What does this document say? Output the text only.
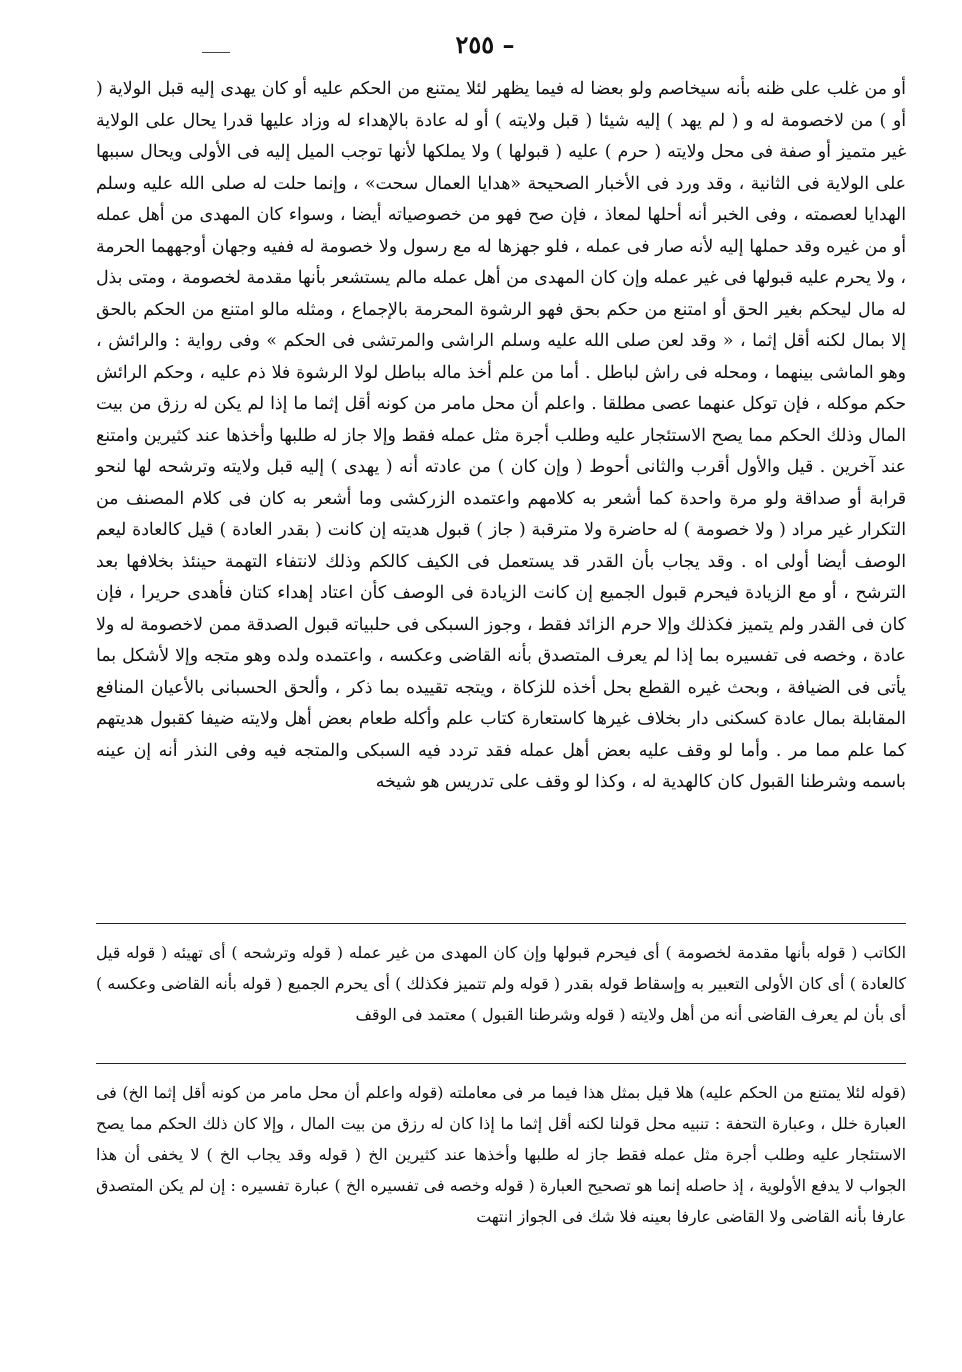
– ٢٥٥

أو من غلب على ظنه بأنه سيخاصم ولو بعضا له فيما يظهر لئلا يمتنع من الحكم عليه أو كان يهدى إليه قبل الولاية ( أو ) من لاخصومة له و ( لم يهد ) إليه شيئا ( قبل ولايته ) أو له عادة بالإهداء له وزاد عليها قدرا يحال على الولاية غير متميز أو صفة فى محل ولايته ( حرم ) عليه ( قبولها ) ولا يملكها لأنها توجب الميل إليه فى الأولى ويحال سببها على الولاية فى الثانية ، وقد ورد فى الأخبار الصحيحة «هدايا العمال سحت» ، وإنما حلت له صلى الله عليه وسلم الهدايا لعصمته ، وفى الخبر أنه أحلها لمعاذ ، فإن صح فهو من خصوصياته أيضا ، وسواء كان المهدى من أهل عمله أو من غيره وقد حملها إليه لأنه صار فى عمله ، فلو جهزها له مع رسول ولا خصومة له ففيه وجهان أوجههما الحرمة ، ولا يحرم عليه قبولها فى غير عمله وإن كان المهدى من أهل عمله مالم يستشعر بأنها مقدمة لخصومة ، ومتى بذل له مال ليحكم بغير الحق أو امتنع من حكم بحق فهو الرشوة المحرمة بالإجماع ، ومثله مالو امتنع من الحكم بالحق إلا بمال لكنه أقل إثما ، « وقد لعن صلى الله عليه وسلم الراشى والمرتشى فى الحكم » وفى رواية : والرائش ، وهو الماشى بينهما ، ومحله فى راش لباطل . أما من علم أخذ ماله بباطل لولا الرشوة فلا ذم عليه ، وحكم الرائش حكم موكله ، فإن توكل عنهما عصى مطلقا . واعلم أن محل مامر من كونه أقل إثما ما إذا لم يكن له رزق من بيت المال وذلك الحكم مما يصح الاستئجار عليه وطلب أجرة مثل عمله فقط وإلا جاز له طلبها وأخذها عند كثيرين وامتنع عند آخرين . قيل والأول أقرب والثانى أحوط ( وإن كان ) من عادته أنه ( يهدى ) إليه قبل ولايته وترشحه لها لنحو قرابة أو صداقة ولو مرة واحدة كما أشعر به كلامهم واعتمده الزركشى وما أشعر به كان فى كلام المصنف من التكرار غير مراد ( ولا خصومة ) له حاضرة ولا مترقبة ( جاز ) قبول هديته إن كانت ( بقدر العادة ) قيل كالعادة ليعم الوصف أيضا أولى اه . وقد يجاب بأن القدر قد يستعمل فى الكيف كالكم وذلك لانتفاء التهمة حينئذ بخلافها بعد الترشح ، أو مع الزيادة فيحرم قبول الجميع إن كانت الزيادة فى الوصف كأن اعتاد إهداء كتان فأهدى حريرا ، فإن كان فى القدر ولم يتميز فكذلك وإلا حرم الزائد فقط ، وجوز السبكى فى حلبياته قبول الصدقة ممن لاخصومة له ولا عادة ، وخصه فى تفسيره بما إذا لم يعرف المتصدق بأنه القاضى وعكسه ، واعتمده ولده وهو متجه وإلا لأشكل بما يأتى فى الضيافة ، وبحث غيره القطع بحل أخذه للزكاة ، ويتجه تقييده بما ذكر ، وألحق الحسبانى بالأعيان المنافع المقابلة بمال عادة كسكنى دار بخلاف غيرها كاستعارة كتاب علم وأكله طعام بعض أهل ولايته ضيفا كقبول هديتهم كما علم مما مر . وأما لو وقف عليه بعض أهل عمله فقد تردد فيه السبكى والمتجه فيه وفى النذر أنه إن عينه باسمه وشرطنا القبول كان كالهدية له ، وكذا لو وقف على تدريس هو شيخه

الكاتب ( قوله بأنها مقدمة لخصومة ) أى فيحرم قبولها وإن كان المهدى من غير عمله ( قوله وترشحه ) أى تهيئه ( قوله قيل كالعادة ) أى كان الأولى التعبير به وإسقاط قوله بقدر ( قوله ولم تتميز فكذلك ) أى يحرم الجميع ( قوله بأنه القاضى وعكسه ) أى بأن لم يعرف القاضى أنه من أهل ولايته ( قوله وشرطنا القبول ) معتمد فى الوقف

(قوله لئلا يمتنع من الحكم عليه) هلا قيل بمثل هذا فيما مر فى معاملته (قوله واعلم أن محل مامر من كونه أقل إثما الخ) فى العبارة خلل ، وعبارة التحفة : تنبيه محل قولنا لكنه أقل إثما ما إذا كان له رزق من بيت المال ، وإلا كان ذلك الحكم مما يصح الاستئجار عليه وطلب أجرة مثل عمله فقط جاز له طلبها وأخذها عند كثيرين الخ ( قوله وقد يجاب الخ ) لا يخفى أن هذا الجواب لا يدفع الأولوية ، إذ حاصله إنما هو تصحيح العبارة ( قوله وخصه فى تفسيره الخ ) عبارة تفسيره : إن لم يكن المتصدق عارفا بأنه القاضى ولا القاضى عارفا بعينه فلا شك فى الجواز انتهت
